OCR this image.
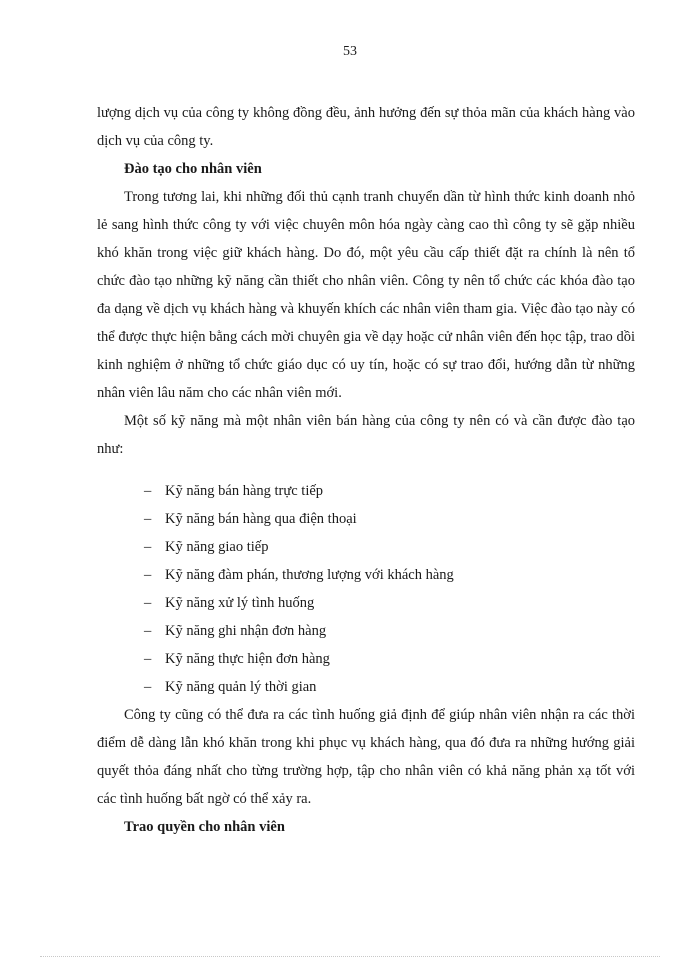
53

lượng dịch vụ của công ty không đồng đều, ảnh hưởng đến sự thỏa mãn của khách hàng vào dịch vụ của công ty.

Đào tạo cho nhân viên

Trong tương lai, khi những đối thủ cạnh tranh chuyển dần từ hình thức kinh doanh nhỏ lẻ sang hình thức công ty với việc chuyên môn hóa ngày càng cao thì công ty sẽ gặp nhiều khó khăn trong việc giữ khách hàng. Do đó, một yêu cầu cấp thiết đặt ra chính là nên tổ chức đào tạo những kỹ năng cần thiết cho nhân viên. Công ty nên tổ chức các khóa đào tạo đa dạng về dịch vụ khách hàng và khuyến khích các nhân viên tham gia. Việc đào tạo này có thể được thực hiện bằng cách mời chuyên gia về dạy hoặc cử nhân viên đến học tập, trao dồi kinh nghiệm ở những tổ chức giáo dục có uy tín, hoặc có sự trao đổi, hướng dẫn từ những nhân viên lâu năm cho các nhân viên mới.

Một số kỹ năng mà một nhân viên bán hàng của công ty nên có và cần được đào tạo như:

– Kỹ năng bán hàng trực tiếp
– Kỹ năng bán hàng qua điện thoại
– Kỹ năng giao tiếp
– Kỹ năng đàm phán, thương lượng với khách hàng
– Kỹ năng xử lý tình huống
– Kỹ năng ghi nhận đơn hàng
– Kỹ năng thực hiện đơn hàng
– Kỹ năng quản lý thời gian

Công ty cũng có thể đưa ra các tình huống giả định để giúp nhân viên nhận ra các thời điểm dễ dàng lẫn khó khăn trong khi phục vụ khách hàng, qua đó đưa ra những hướng giải quyết thỏa đáng nhất cho từng trường hợp, tập cho nhân viên có khả năng phản xạ tốt với các tình huống bất ngờ có thể xảy ra.

Trao quyền cho nhân viên
